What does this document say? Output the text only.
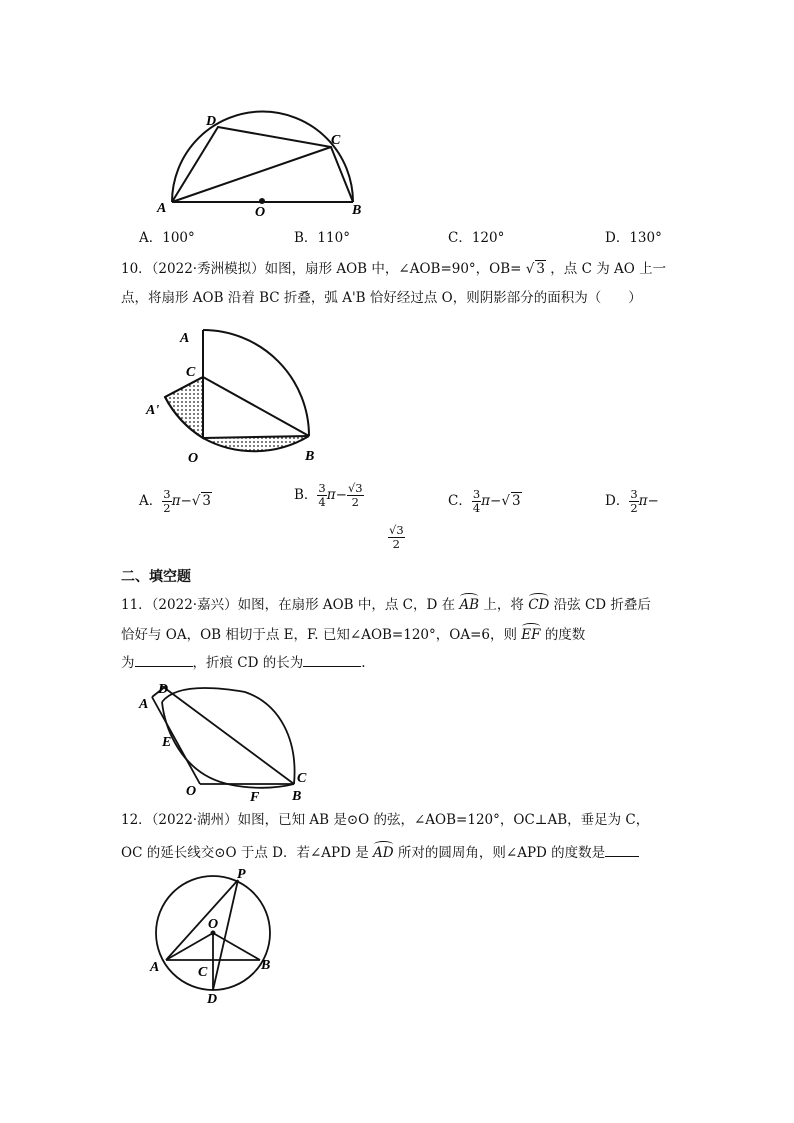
D
C
A	O	B
A．100°	B．110°	C．120°	D．130°
10．（2022·秀洲模拟）如图，扇形 AOB 中，∠AOB=90°，OB= √ 3 ，点 C 为 AO 上一
点，将扇形 AOB 沿着 BC 折叠，弧 A'B 恰好经过点 O，则阴影部分的面积为（　　）
A
C
A'
O	B
A． $\frac{3}{2} \pi-√$ 3	B． $\frac{3}{4} \pi- \frac{√3}{2}$	C． $\frac{3}{4} \pi-√$ 3	D． $\frac{3}{2} \pi-$
$\frac{√3}{2}$
二、填空题
11．（2022·嘉兴）如图，在扇形 AOB 中，点 C，D 在 AB 上，将 CD 沿弦 CD 折叠后
恰好与 OA，OB 相切于点 E，F. 已知∠AOB=120°，OA=6，则 EF 的度数
为	，折痕 CD 的长为	.
A
D
E
O	F
C
B
12．（2022·湖州）如图，已知 AB 是⊙O 的弦，∠AOB=120°，OC⊥AB，垂足为 C，
OC 的延长线交⊙O 于点 D．若∠APD 是 AD 所对的圆周角，则∠APD 的度数是
P
O
A	B
C
D
